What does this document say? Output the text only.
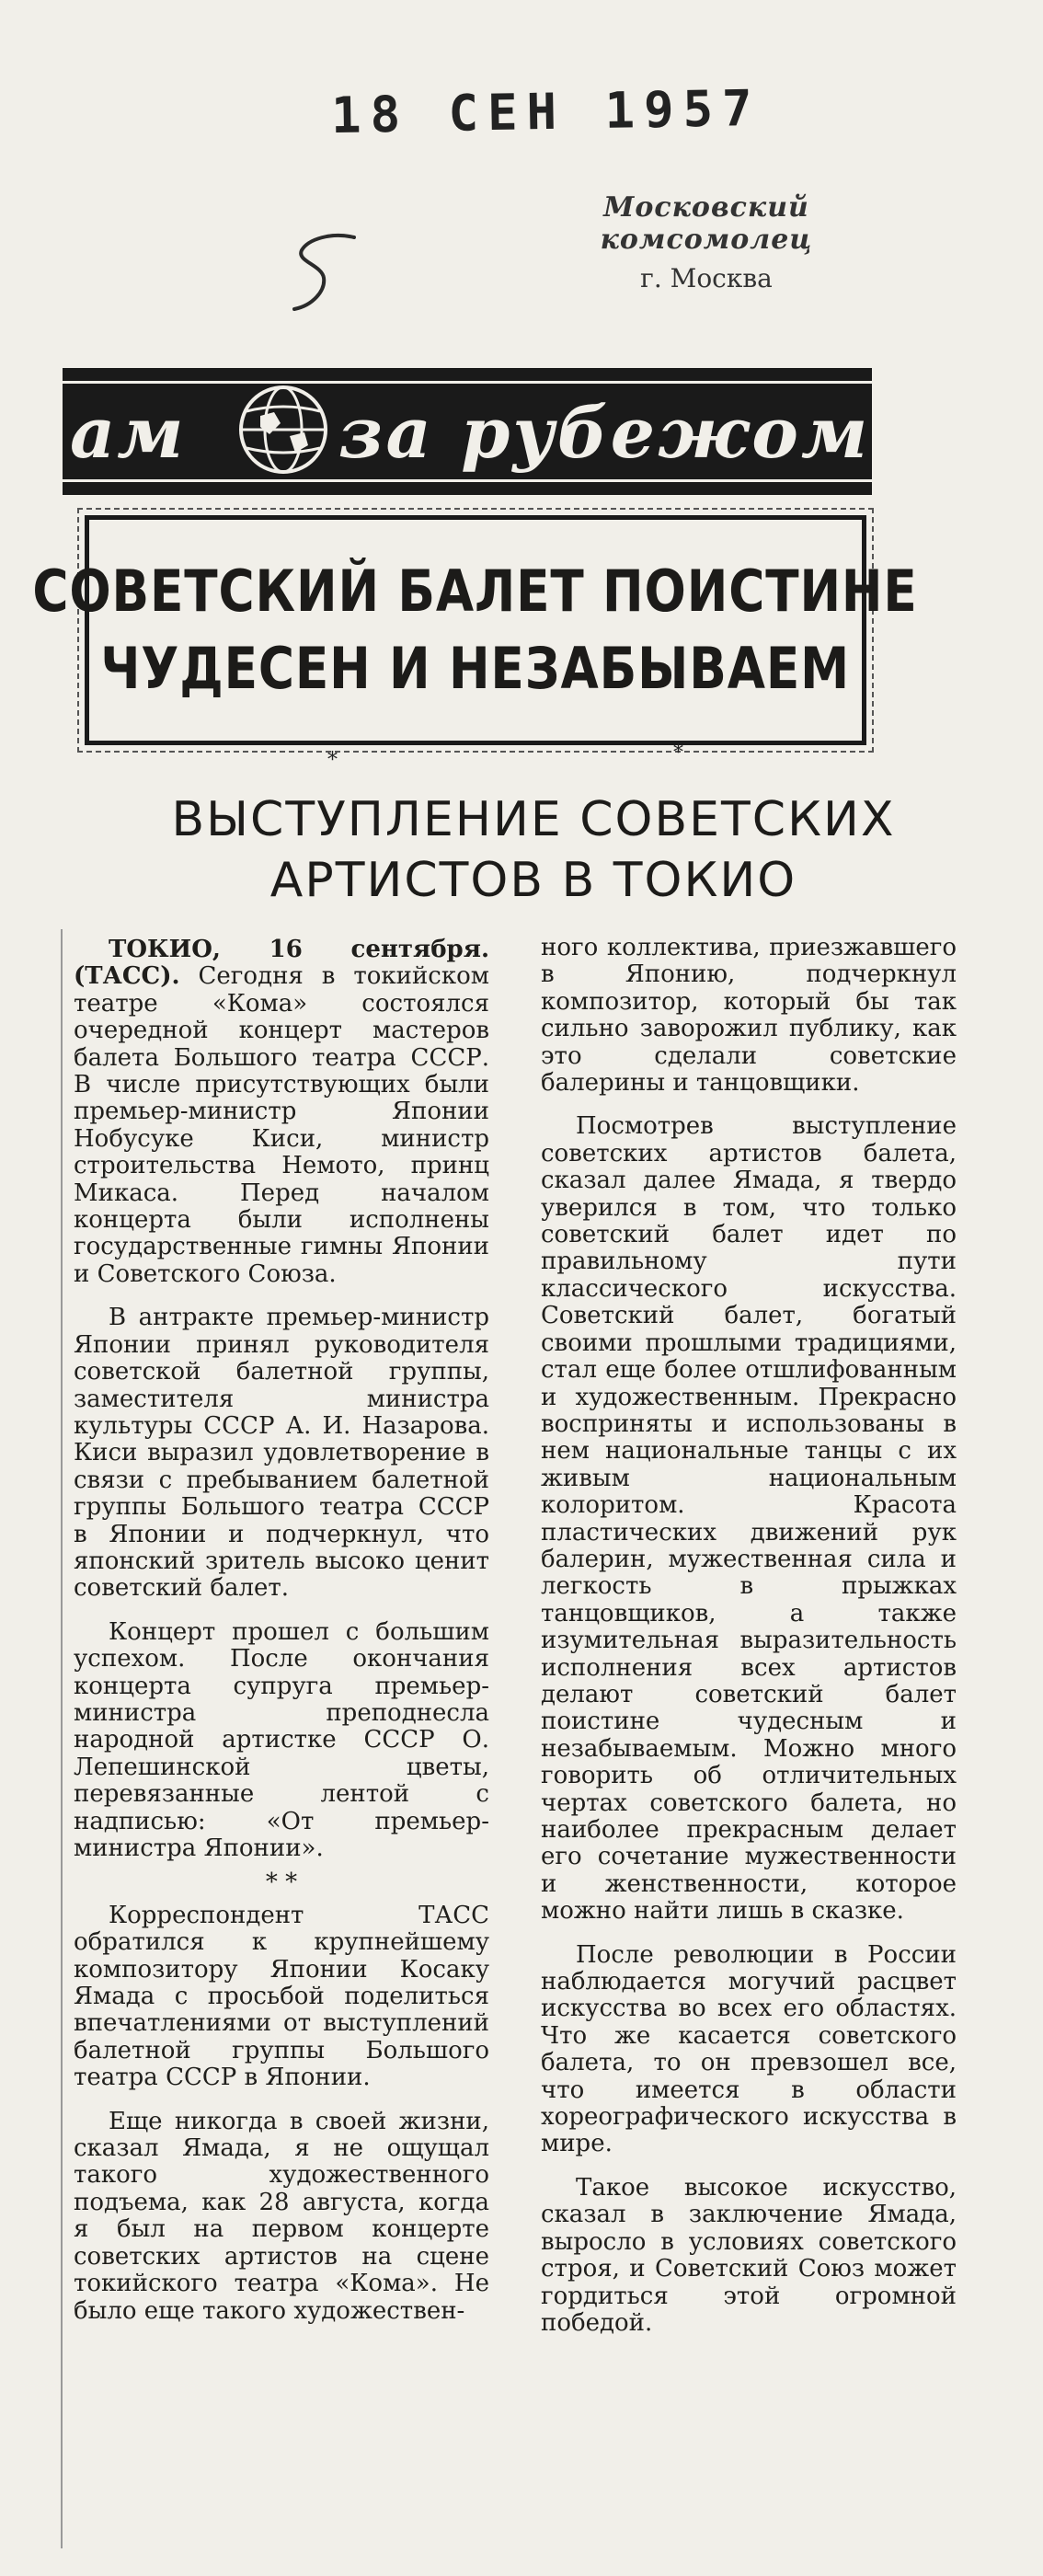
18 СЕН 1957
Московский комсомолец
г. Москва
ам за рубежом
СОВЕТСКИЙ БАЛЕТ ПОИСТИНЕ
ЧУДЕСЕН И НЕЗАБЫВАЕМ
*	*
ВЫСТУПЛЕНИЕ СОВЕТСКИХ
АРТИСТОВ В ТОКИО

ТОКИО, 16 сентября. (ТАСС). Сегодня в токийском театре «Кома» состоялся очередной концерт мастеров балета Большого театра СССР. В числе присутствующих были премьер-министр Японии Нобусуке Киси, министр строительства Немото, принц Микаса. Перед началом концерта были исполнены государственные гимны Японии и Советского Союза.

В антракте премьер-министр Японии принял руководителя советской балетной группы, заместителя министра культуры СССР А. И. Назарова. Киси выразил удовлетворение в связи с пребыванием балетной группы Большого театра СССР в Японии и подчеркнул, что японский зритель высоко ценит советский балет.

Концерт прошел с большим успехом. После окончания концерта супруга премьер-министра преподнесла народной артистке СССР О. Лепешинской цветы, перевязанные лентой с надписью: «От премьер-министра Японии».

* *

Корреспондент ТАСС обратился к крупнейшему композитору Японии Косаку Ямада с просьбой поделиться впечатлениями от выступлений балетной группы Большого театра СССР в Японии.

Еще никогда в своей жизни, сказал Ямада, я не ощущал такого художественного подъема, как 28 августа, когда я был на первом концерте советских артистов на сцене токийского театра «Кома». Не было еще такого художествен-

ного коллектива, приезжавшего в Японию, подчеркнул композитор, который бы так сильно заворожил публику, как это сделали советские балерины и танцовщики.

Посмотрев выступление советских артистов балета, сказал далее Ямада, я твердо уверился в том, что только советский балет идет по правильному пути классического искусства. Советский балет, богатый своими прошлыми традициями, стал еще более отшлифованным и художественным. Прекрасно восприняты и использованы в нем национальные танцы с их живым национальным колоритом. Красота пластических движений рук балерин, мужественная сила и легкость в прыжках танцовщиков, а также изумительная выразительность исполнения всех артистов делают советский балет поистине чудесным и незабываемым. Можно много говорить об отличительных чертах советского балета, но наиболее прекрасным делает его сочетание мужественности и женственности, которое можно найти лишь в сказке.

После революции в России наблюдается могучий расцвет искусства во всех его областях. Что же касается советского балета, то он превзошел все, что имеется в области хореографического искусства в мире.

Такое высокое искусство, сказал в заключение Ямада, выросло в условиях советского строя, и Советский Союз может гордиться этой огромной победой.
